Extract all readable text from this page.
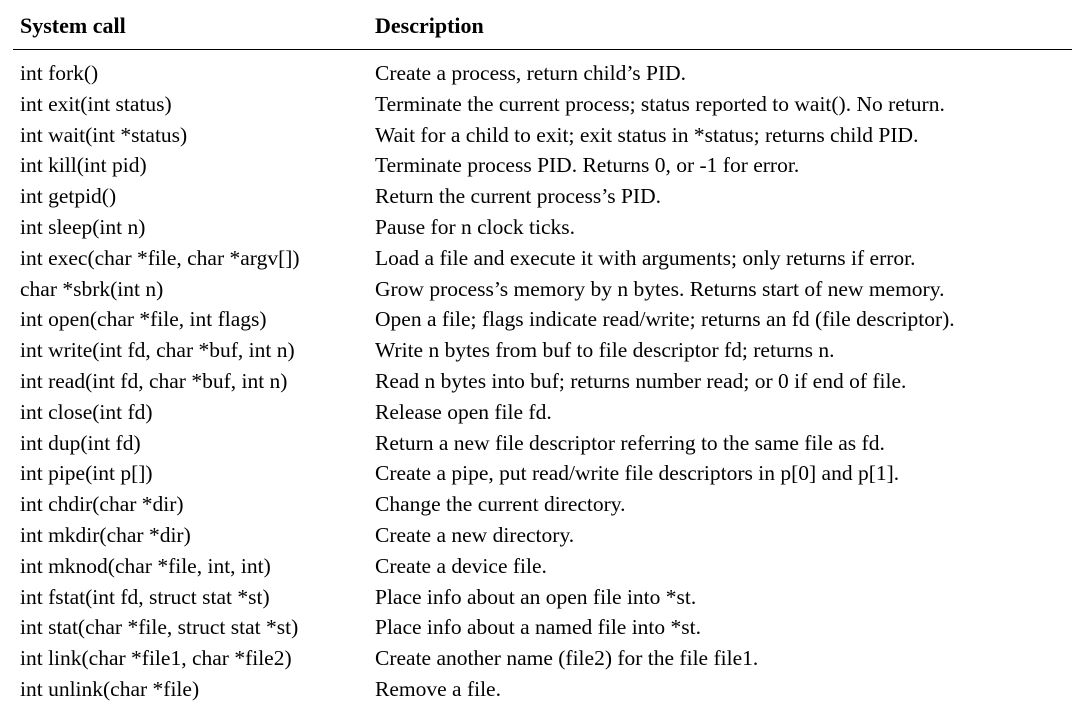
System call	Description
int fork()	Create a process, return child’s PID.
int exit(int status)	Terminate the current process; status reported to wait(). No return.
int wait(int *status)	Wait for a child to exit; exit status in *status; returns child PID.
int kill(int pid)	Terminate process PID. Returns 0, or -1 for error.
int getpid()	Return the current process’s PID.
int sleep(int n)	Pause for n clock ticks.
int exec(char *file, char *argv[])	Load a file and execute it with arguments; only returns if error.
char *sbrk(int n)	Grow process’s memory by n bytes. Returns start of new memory.
int open(char *file, int flags)	Open a file; flags indicate read/write; returns an fd (file descriptor).
int write(int fd, char *buf, int n)	Write n bytes from buf to file descriptor fd; returns n.
int read(int fd, char *buf, int n)	Read n bytes into buf; returns number read; or 0 if end of file.
int close(int fd)	Release open file fd.
int dup(int fd)	Return a new file descriptor referring to the same file as fd.
int pipe(int p[])	Create a pipe, put read/write file descriptors in p[0] and p[1].
int chdir(char *dir)	Change the current directory.
int mkdir(char *dir)	Create a new directory.
int mknod(char *file, int, int)	Create a device file.
int fstat(int fd, struct stat *st)	Place info about an open file into *st.
int stat(char *file, struct stat *st)	Place info about a named file into *st.
int link(char *file1, char *file2)	Create another name (file2) for the file file1.
int unlink(char *file)	Remove a file.
